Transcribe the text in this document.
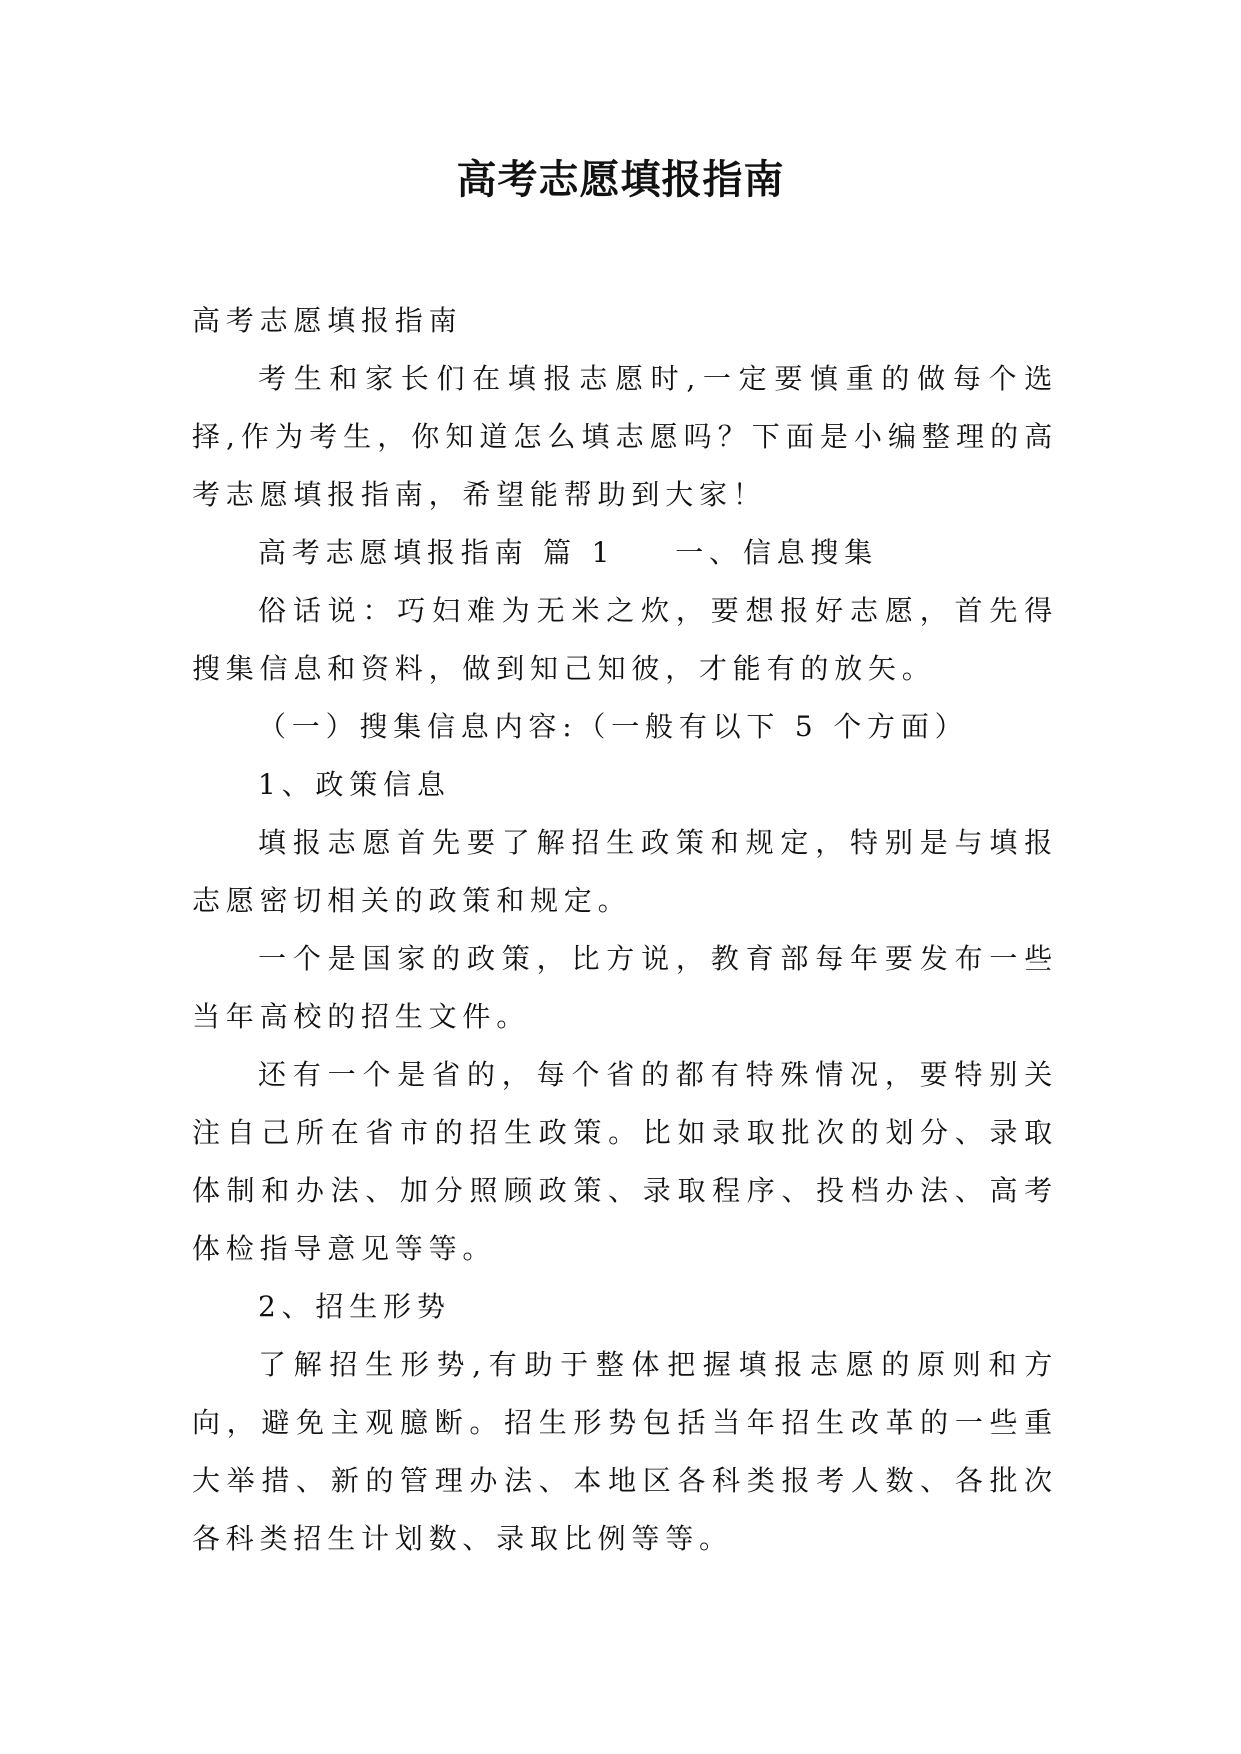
高考志愿填报指南

高考志愿填报指南

考生和家长们在填报志愿时,一定要慎重的做每个选择,作为考生，你知道怎么填志愿吗？下面是小编整理的高考志愿填报指南，希望能帮助到大家！

高考志愿填报指南 篇 1 一、信息搜集

俗话说：巧妇难为无米之炊，要想报好志愿，首先得搜集信息和资料，做到知己知彼，才能有的放矢。

（一）搜集信息内容:（一般有以下 5 个方面）

1、政策信息

填报志愿首先要了解招生政策和规定，特别是与填报志愿密切相关的政策和规定。

一个是国家的政策，比方说，教育部每年要发布一些当年高校的招生文件。

还有一个是省的，每个省的都有特殊情况，要特别关注自己所在省市的招生政策。比如录取批次的划分、录取体制和办法、加分照顾政策、录取程序、投档办法、高考体检指导意见等等。

2、招生形势

了解招生形势,有助于整体把握填报志愿的原则和方向，避免主观臆断。招生形势包括当年招生改革的一些重大举措、新的管理办法、本地区各科类报考人数、各批次各科类招生计划数、录取比例等等。
